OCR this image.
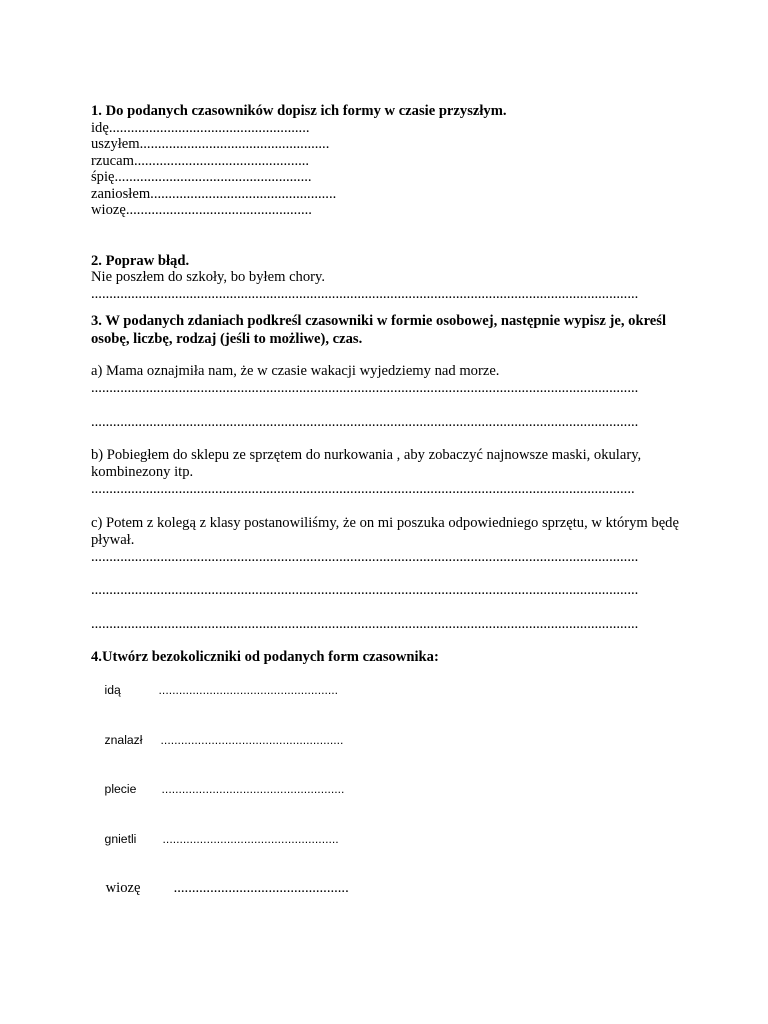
1. Do podanych czasowników dopisz ich formy w czasie przyszłym.
idę.......................................................
uszyłem....................................................
rzucam................................................
śpię......................................................
zaniosłem...................................................
wiozę...................................................
2. Popraw błąd.
Nie poszłem do szkoły, bo byłem chory.
......................................................................................................................................................
3. W podanych zdaniach podkreśl czasowniki w formie osobowej, następnie wypisz je, określ osobę, liczbę, rodzaj (jeśli to możliwe), czas.
a) Mama oznajmiła nam, że w czasie wakacji wyjedziemy nad morze.
......................................................................................................................................................
......................................................................................................................................................
b) Pobiegłem do sklepu ze sprzętem do nurkowania , aby zobaczyć najnowsze maski, okulary, kombinezony itp.
.....................................................................................................................................................
c) Potem z kolegą z klasy postanowiliśmy, że on mi poszuka odpowiedniego sprzętu, w którym będę pływał.
......................................................................................................................................................
......................................................................................................................................................
......................................................................................................................................................
4.Utwórz bezokoliczniki od podanych form czasownika:

idą	.....................................................

znalazł ......................................................

plecie ......................................................

gnietli ....................................................

wiozę ................................................
